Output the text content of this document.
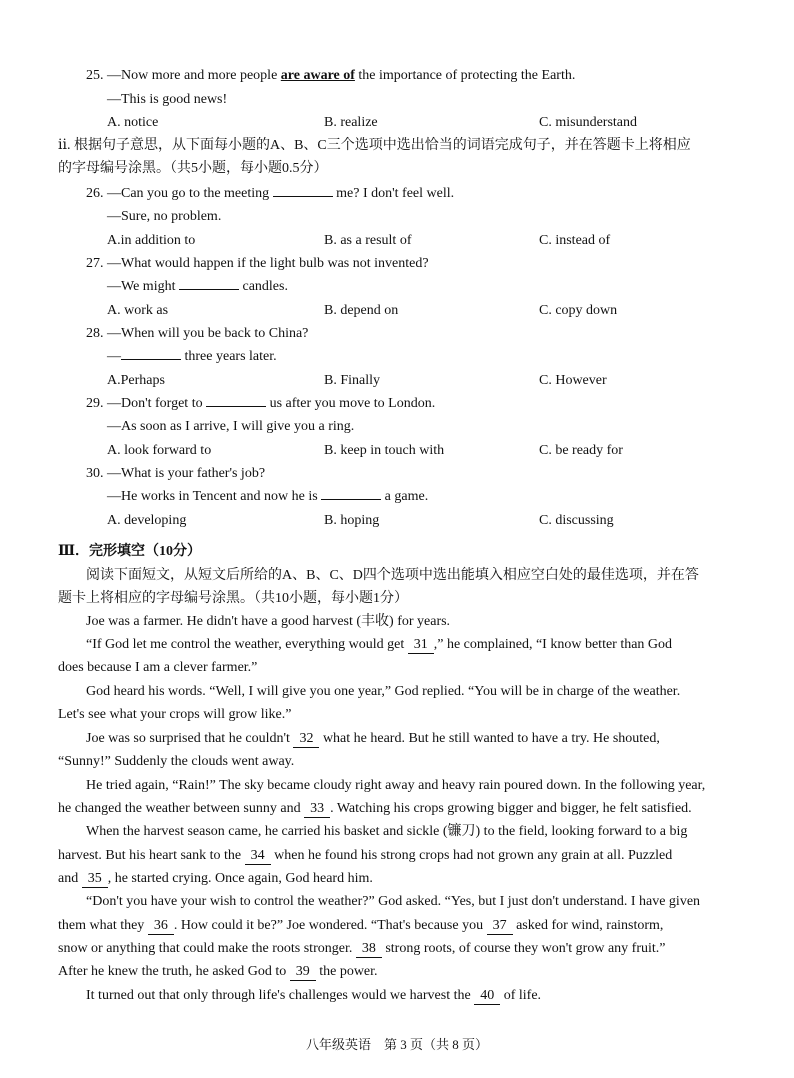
25. —Now more and more people are aware of the importance of protecting the Earth.
—This is good news!
A. notice	B. realize	C. misunderstand
ⅱ. 根据句子意思，从下面每小题的A、B、C三个选项中选出恰当的词语完成句子，并在答题卡上将相应
的字母编号涂黑。（共5小题，每小题0.5分）
26. —Can you go to the meeting	me? I don't feel well.
—Sure, no problem.
A.in addition to	B. as a result of	C. instead of
27. —What would happen if the light bulb was not invented?
—We might	candles.
A. work as	B. depend on	C. copy down
28. —When will you be back to China?
—	three years later.
A.Perhaps	B. Finally	C. However
29. —Don't forget to	us after you move to London.
—As soon as I arrive, I will give you a ring.
A. look forward to	B. keep in touch with	C. be ready for
30. —What is your father's job?
—He works in Tencent and now he is	a game.
A. developing	B. hoping	C. discussing
Ⅲ．完形填空（10分）
阅读下面短文，从短文后所给的A、B、C、D四个选项中选出能填入相应空白处的最佳选项，并在答
题卡上将相应的字母编号涂黑。（共10小题，每小题1分）
Joe was a farmer. He didn't have a good harvest (丰收) for years.
“If God let me control the weather, everything would get 31 ,” he complained, “I know better than God
does because I am a clever farmer.”
God heard his words. “Well, I will give you one year,” God replied. “You will be in charge of the weather.
Let's see what your crops will grow like.”
Joe was so surprised that he couldn't 32 what he heard. But he still wanted to have a try. He shouted,
“Sunny!” Suddenly the clouds went away.
He tried again, “Rain!” The sky became cloudy right away and heavy rain poured down. In the following year,
he changed the weather between sunny and 33 . Watching his crops growing bigger and bigger, he felt satisfied.
When the harvest season came, he carried his basket and sickle (镰刀) to the field, looking forward to a big
harvest. But his heart sank to the 34 when he found his strong crops had not grown any grain at all. Puzzled
and 35 , he started crying. Once again, God heard him.
“Don't you have your wish to control the weather?” God asked. “Yes, but I just don't understand. I have given
them what they 36 . How could it be?” Joe wondered. “That's because you 37 asked for wind, rainstorm,
snow or anything that could make the roots stronger. 38 strong roots, of course they won't grow any fruit.”
After he knew the truth, he asked God to 39 the power.
It turned out that only through life's challenges would we harvest the 40 of life.
八年级英语　第 3 页（共 8 页）
